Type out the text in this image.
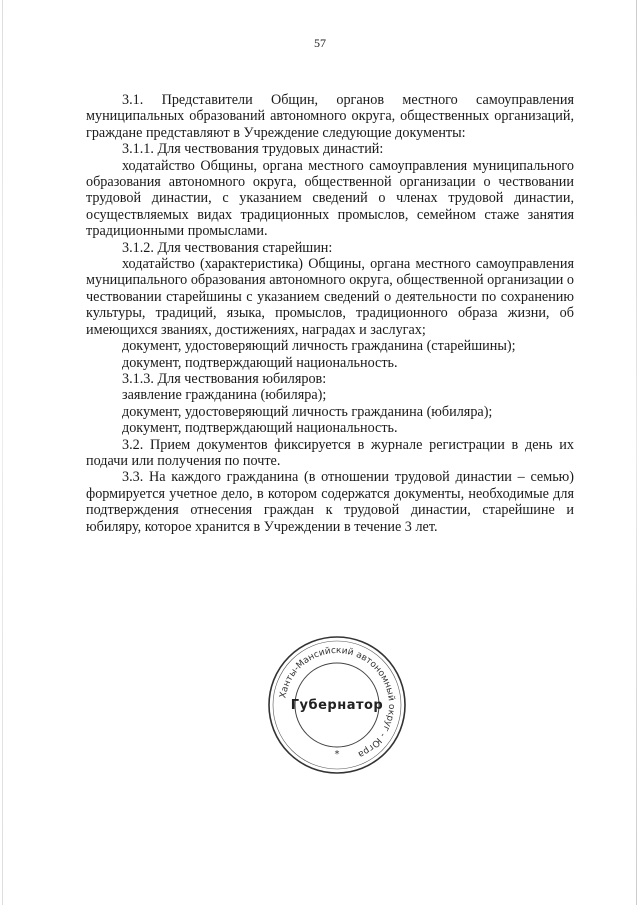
57

3.1. Представители Общин, органов местного самоуправления муниципальных образований автономного округа, общественных организаций, граждане представляют в Учреждение следующие документы:

3.1.1. Для чествования трудовых династий:

ходатайство Общины, органа местного самоуправления муниципального образования автономного округа, общественной организации о чествовании трудовой династии, с указанием сведений о членах трудовой династии, осуществляемых видах традиционных промыслов, семейном стаже занятия традиционными промыслами.

3.1.2. Для чествования старейшин:

ходатайство (характеристика) Общины, органа местного самоуправления муниципального образования автономного округа, общественной организации о чествовании старейшины с указанием сведений о деятельности по сохранению культуры, традиций, языка, промыслов, традиционного образа жизни, об имеющихся званиях, достижениях, наградах и заслугах;

документ, удостоверяющий личность гражданина (старейшины);

документ, подтверждающий национальность.

3.1.3. Для чествования юбиляров:

заявление гражданина (юбиляра);

документ, удостоверяющий личность гражданина (юбиляра);

документ, подтверждающий национальность.

3.2. Прием документов фиксируется в журнале регистрации в день их подачи или получения по почте.

3.3. На каждого гражданина (в отношении трудовой династии – семью) формируется учетное дело, в котором содержатся документы, необходимые для подтверждения отнесения граждан к трудовой династии, старейшине и юбиляру, которое хранится в Учреждении в течение 3 лет.

Ханты-Мансийский автономный округ - Югра
*
Губернатор
